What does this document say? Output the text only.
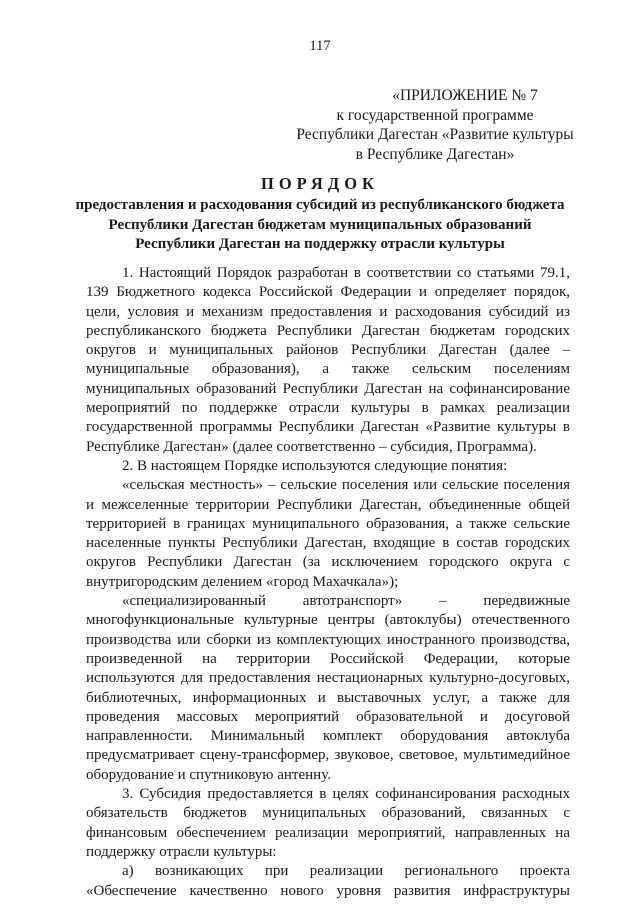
117
«ПРИЛОЖЕНИЕ № 7
к государственной программе
Республики Дагестан «Развитие культуры
в Республике Дагестан»
ПОРЯДОК
предоставления и расходования субсидий из республиканского бюджета Республики Дагестан бюджетам муниципальных образований Республики Дагестан на поддержку отрасли культуры

1. Настоящий Порядок разработан в соответствии со статьями 79.1, 139 Бюджетного кодекса Российской Федерации и определяет порядок, цели, условия и механизм предоставления и расходования субсидий из республиканского бюджета Республики Дагестан бюджетам городских округов и муниципальных районов Республики Дагестан (далее – муниципальные образования), а также сельским поселениям муниципальных образований Республики Дагестан на софинансирование мероприятий по поддержке отрасли культуры в рамках реализации государственной программы Республики Дагестан «Развитие культуры в Республике Дагестан» (далее соответственно – субсидия, Программа).

2. В настоящем Порядке используются следующие понятия:

«сельская местность» – сельские поселения или сельские поселения и межселенные территории Республики Дагестан, объединенные общей территорией в границах муниципального образования, а также сельские населенные пункты Республики Дагестан, входящие в состав городских округов Республики Дагестан (за исключением городского округа с внутригородским делением «город Махачкала»);

«специализированный автотранспорт» – передвижные многофункциональные культурные центры (автоклубы) отечественного производства или сборки из комплектующих иностранного производства, произведенной на территории Российской Федерации, которые используются для предоставления нестационарных культурно-досуговых, библиотечных, информационных и выставочных услуг, а также для проведения массовых мероприятий образовательной и досуговой направленности. Минимальный комплект оборудования автоклуба предусматривает сцену-трансформер, звуковое, световое, мультимедийное оборудование и спутниковую антенну.

3. Субсидия предоставляется в целях софинансирования расходных обязательств бюджетов муниципальных образований, связанных с финансовым обеспечением реализации мероприятий, направленных на поддержку отрасли культуры:

а) возникающих при реализации регионального проекта «Обеспечение качественно нового уровня развития инфраструктуры
